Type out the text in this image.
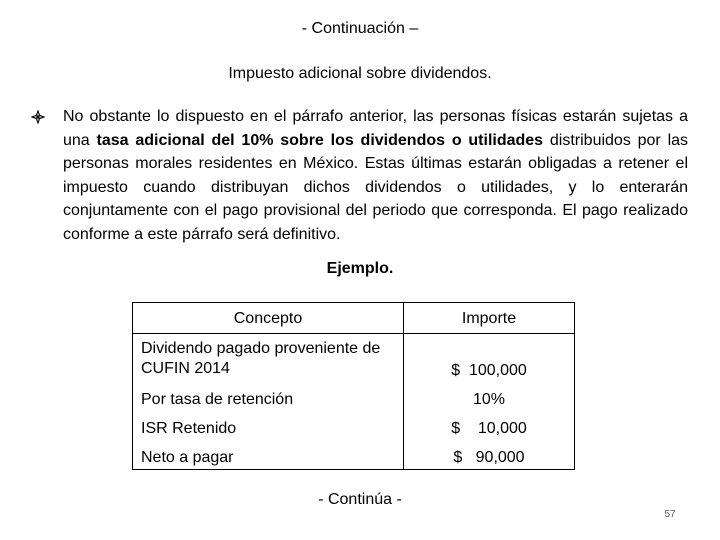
- Continuación –
Impuesto adicional sobre dividendos.
No obstante lo dispuesto en el párrafo anterior, las personas físicas estarán sujetas a una tasa adicional del 10% sobre los dividendos o utilidades distribuidos por las personas morales residentes en México. Estas últimas estarán obligadas a retener el impuesto cuando distribuyan dichos dividendos o utilidades, y lo enterarán conjuntamente con el pago provisional del periodo que corresponda. El pago realizado conforme a este párrafo será definitivo.
Ejemplo.
Concepto	Importe
Dividendo pagado proveniente de CUFIN 2014	$  100,000
Por tasa de retención	10%
ISR Retenido	$    10,000
Neto a pagar	$   90,000
- Continúa -
57
